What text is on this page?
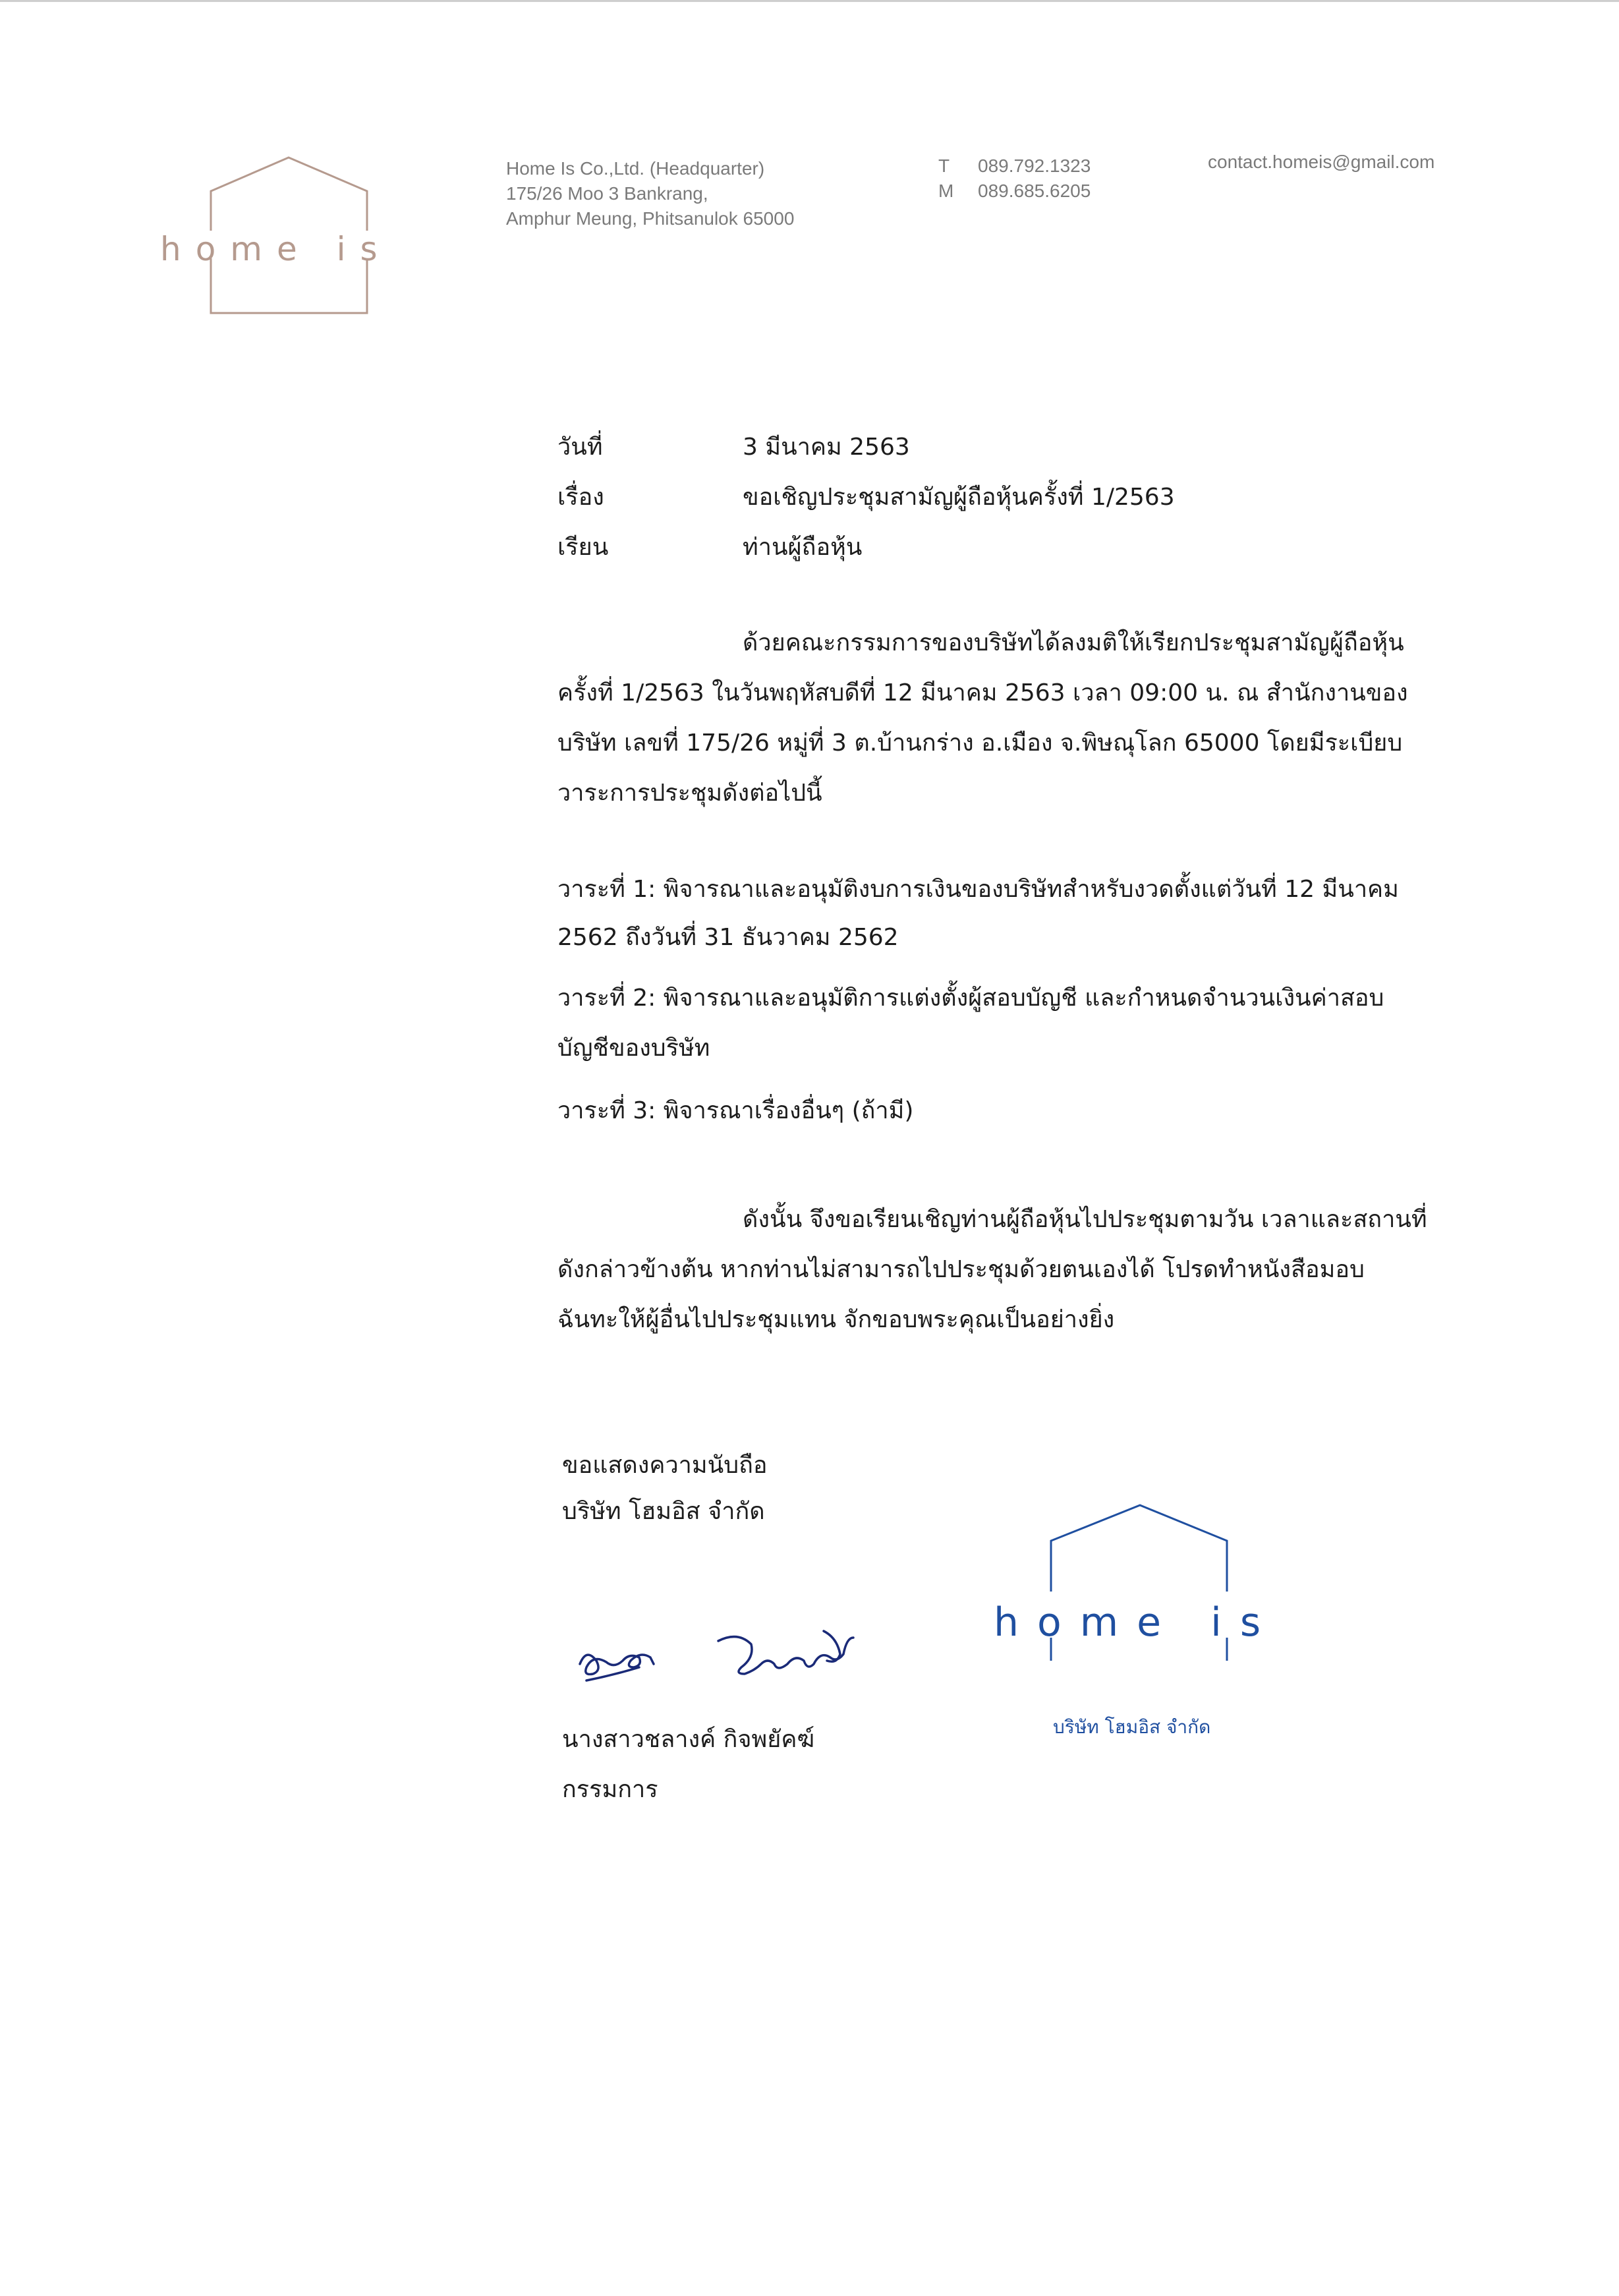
home is
Home Is Co.,Ltd. (Headquarter)
175/26 Moo 3 Bankrang,
Amphur Meung, Phitsanulok 65000
T 089.792.1323
M 089.685.6205
contact.homeis@gmail.com
วันที่	3 มีนาคม 2563
เรื่อง	ขอเชิญประชุมสามัญผู้ถือหุ้นครั้งที่ 1/2563
เรียน	ท่านผู้ถือหุ้น
ด้วยคณะกรรมการของบริษัทได้ลงมติให้เรียกประชุมสามัญผู้ถือหุ้น
ครั้งที่ 1/2563 ในวันพฤหัสบดีที่ 12 มีนาคม 2563 เวลา 09:00 น. ณ สำนักงานของ
บริษัท เลขที่ 175/26 หมู่ที่ 3 ต.บ้านกร่าง อ.เมือง จ.พิษณุโลก 65000 โดยมีระเบียบ
วาระการประชุมดังต่อไปนี้
วาระที่ 1: พิจารณาและอนุมัติงบการเงินของบริษัทสำหรับงวดตั้งแต่วันที่ 12 มีนาคม
2562 ถึงวันที่ 31 ธันวาคม 2562
วาระที่ 2: พิจารณาและอนุมัติการแต่งตั้งผู้สอบบัญชี และกำหนดจำนวนเงินค่าสอบ
บัญชีของบริษัท
วาระที่ 3: พิจารณาเรื่องอื่นๆ (ถ้ามี)
ดังนั้น จึงขอเรียนเชิญท่านผู้ถือหุ้นไปประชุมตามวัน เวลาและสถานที่
ดังกล่าวข้างต้น หากท่านไม่สามารถไปประชุมด้วยตนเองได้ โปรดทำหนังสือมอบ
ฉันทะให้ผู้อื่นไปประชุมแทน จักขอบพระคุณเป็นอย่างยิ่ง
ขอแสดงความนับถือ
บริษัท โฮมอิส จำกัด
นางสาวชลางค์ กิจพยัคฆ์
กรรมการ
home is
บริษัท โฮมอิส จำกัด
